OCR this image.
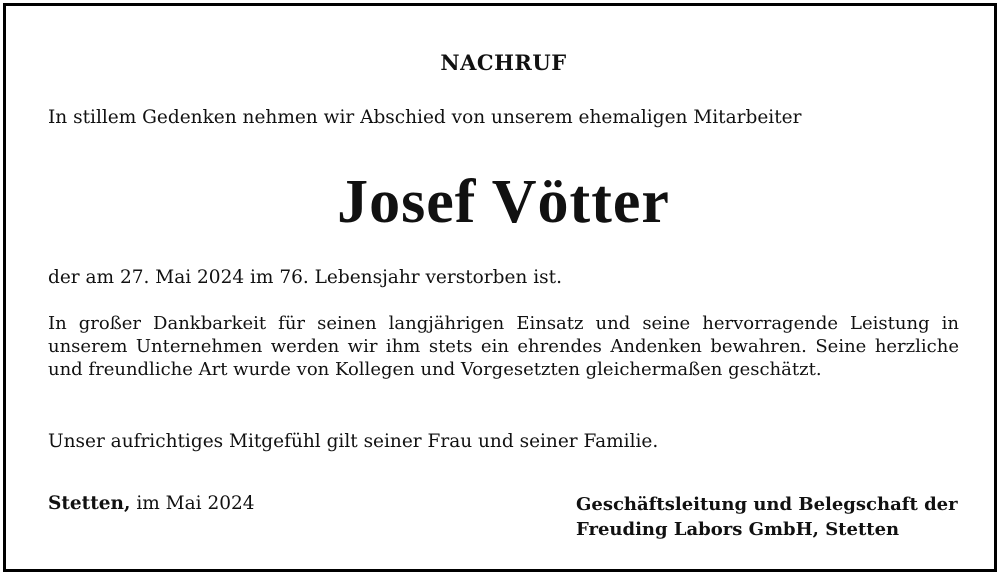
NACHRUF
In stillem Gedenken nehmen wir Abschied von unserem ehemaligen Mitarbeiter
Josef Vötter
der am 27. Mai 2024 im 76. Lebensjahr verstorben ist.

In großer Dankbarkeit für seinen langjährigen Einsatz und seine hervorragende Leistung in unserem Unternehmen werden wir ihm stets ein ehrendes Andenken bewahren. Seine herzliche und freundliche Art wurde von Kollegen und Vorgesetzten gleichermaßen geschätzt.

Unser aufrichtiges Mitgefühl gilt seiner Frau und seiner Familie.
Stetten, im Mai 2024	Geschäftsleitung und Belegschaft der
Freuding Labors GmbH, Stetten
